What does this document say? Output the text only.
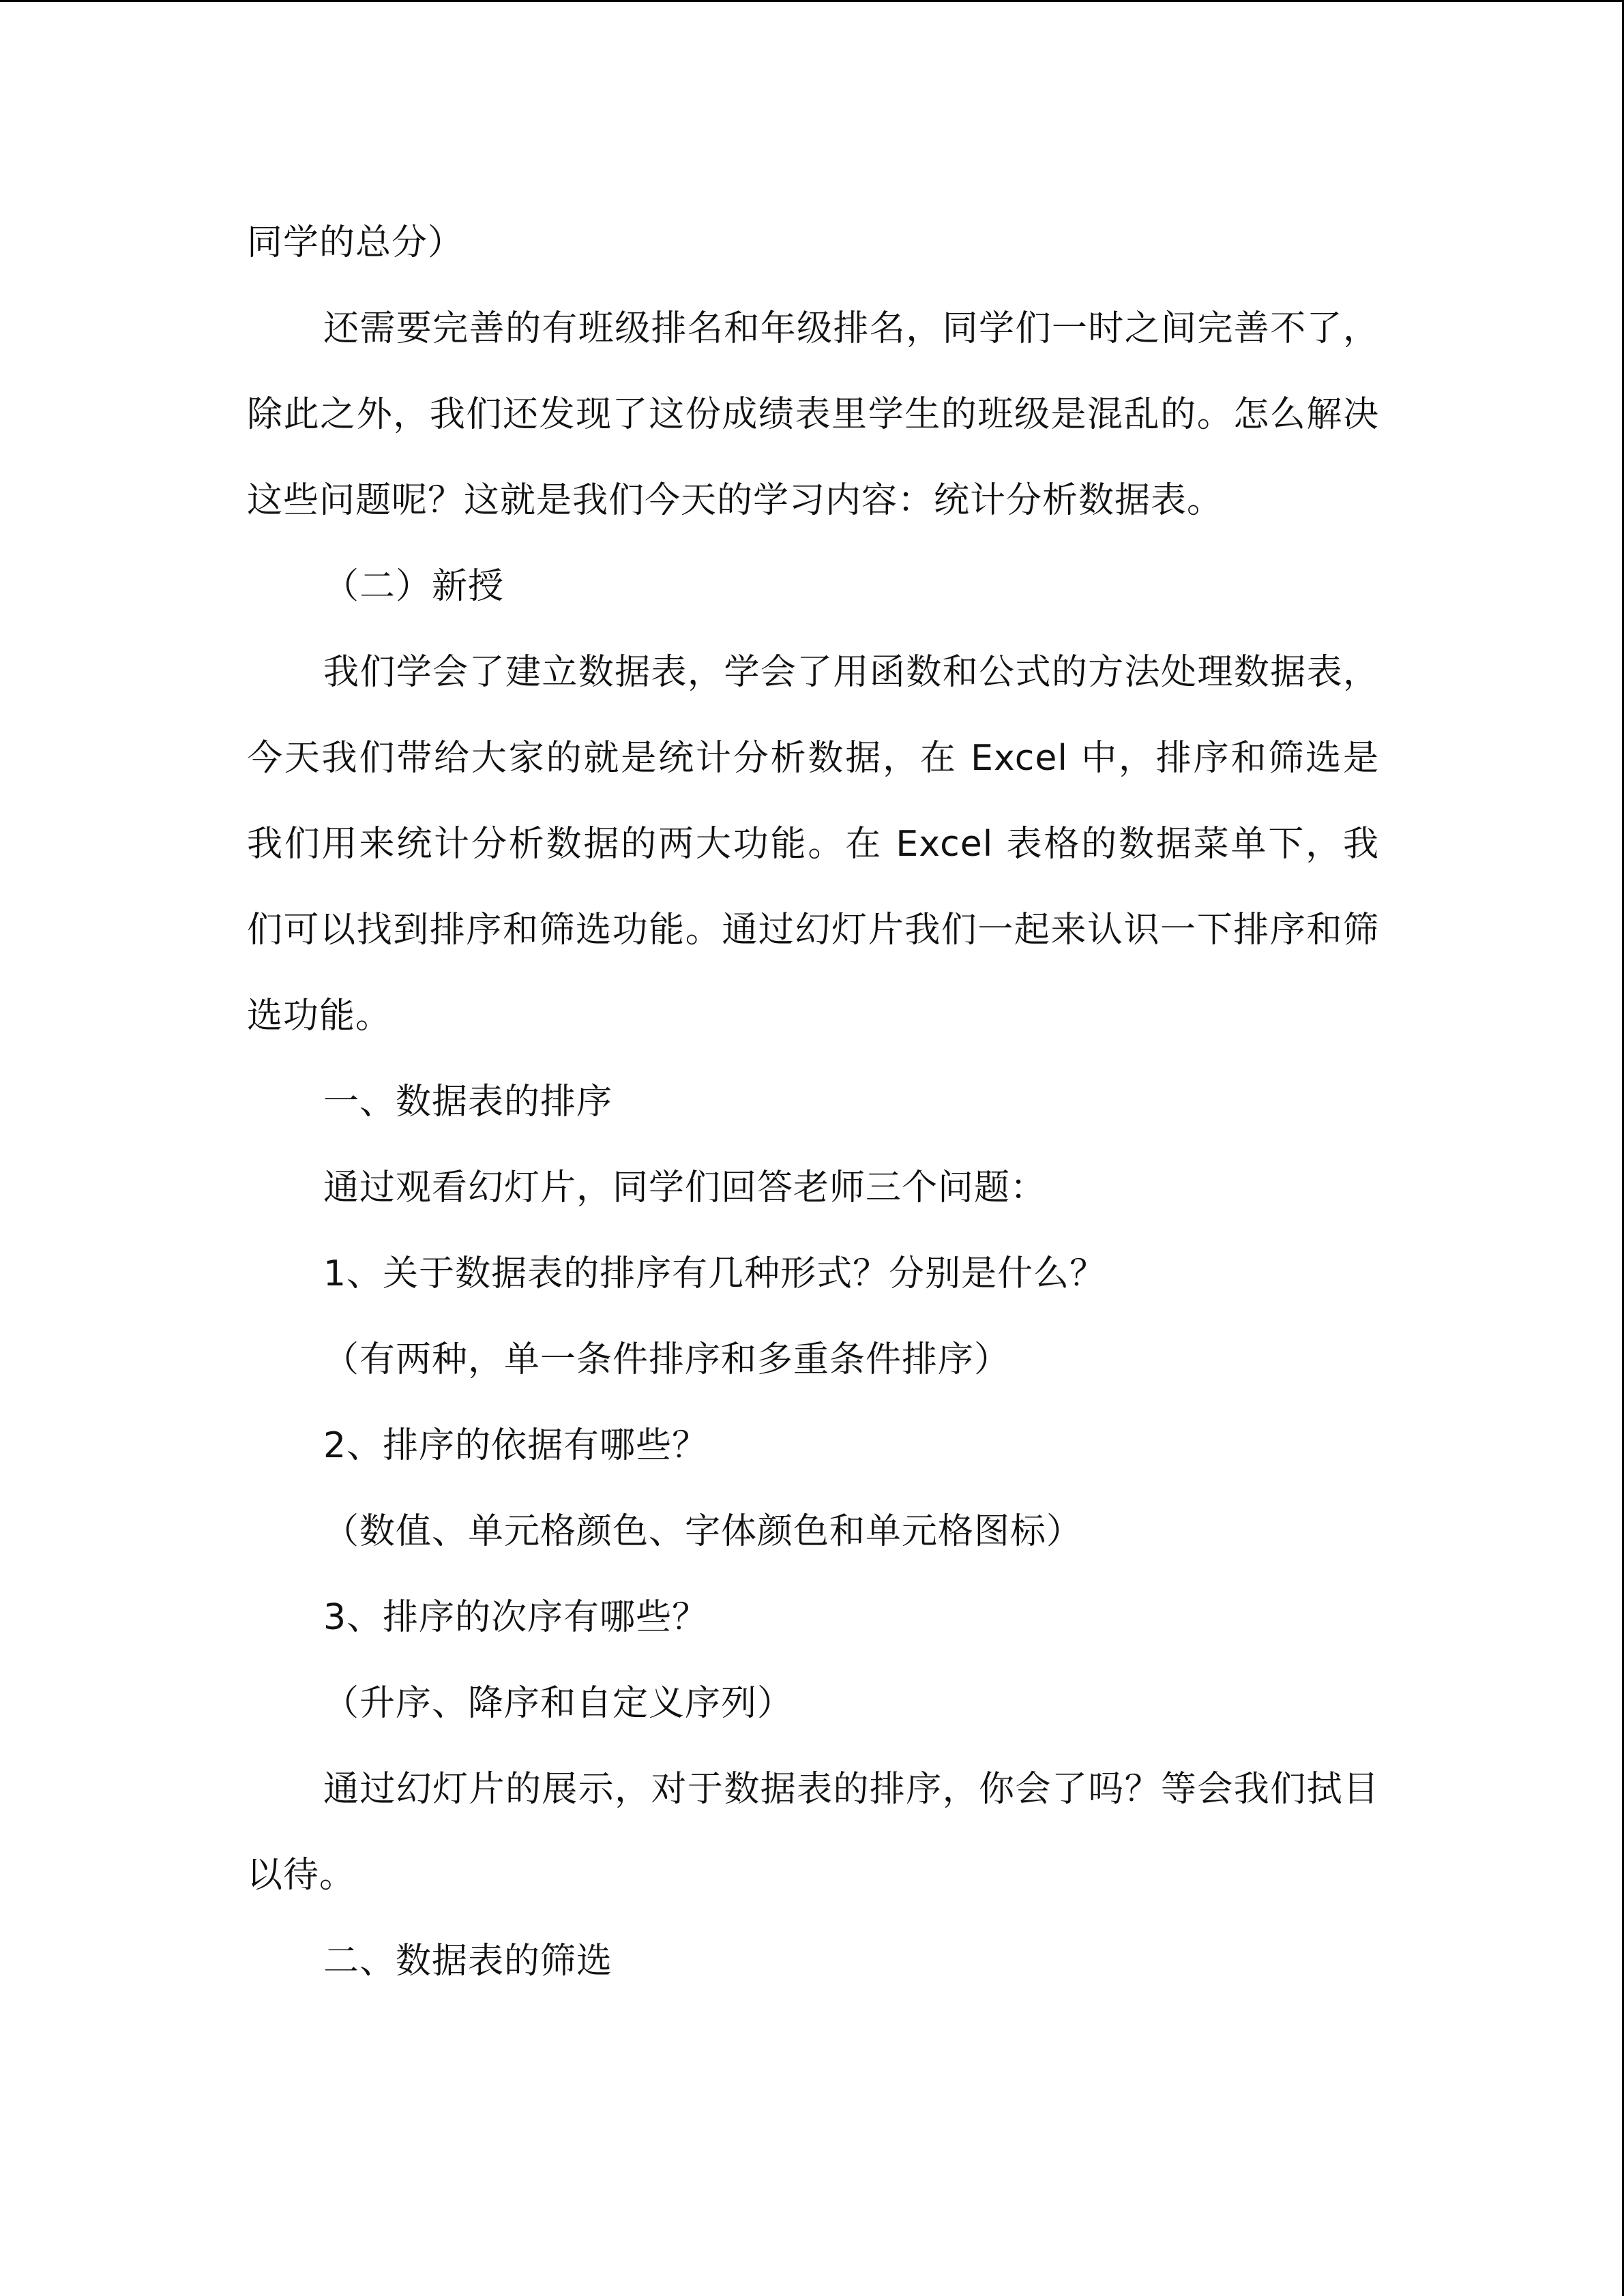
同学的总分）

还需要完善的有班级排名和年级排名，同学们一时之间完善不了，除此之外，我们还发现了这份成绩表里学生的班级是混乱的。怎么解决这些问题呢？这就是我们今天的学习内容：统计分析数据表。

（二）新授

我们学会了建立数据表，学会了用函数和公式的方法处理数据表，今天我们带给大家的就是统计分析数据，在 Excel 中，排序和筛选是我们用来统计分析数据的两大功能。在 Excel 表格的数据菜单下，我们可以找到排序和筛选功能。通过幻灯片我们一起来认识一下排序和筛选功能。

一、数据表的排序

通过观看幻灯片，同学们回答老师三个问题：

1、关于数据表的排序有几种形式？分别是什么？

（有两种，单一条件排序和多重条件排序）

2、排序的依据有哪些？

（数值、单元格颜色、字体颜色和单元格图标）

3、排序的次序有哪些？

（升序、降序和自定义序列）

通过幻灯片的展示，对于数据表的排序，你会了吗？等会我们拭目以待。

二、数据表的筛选
